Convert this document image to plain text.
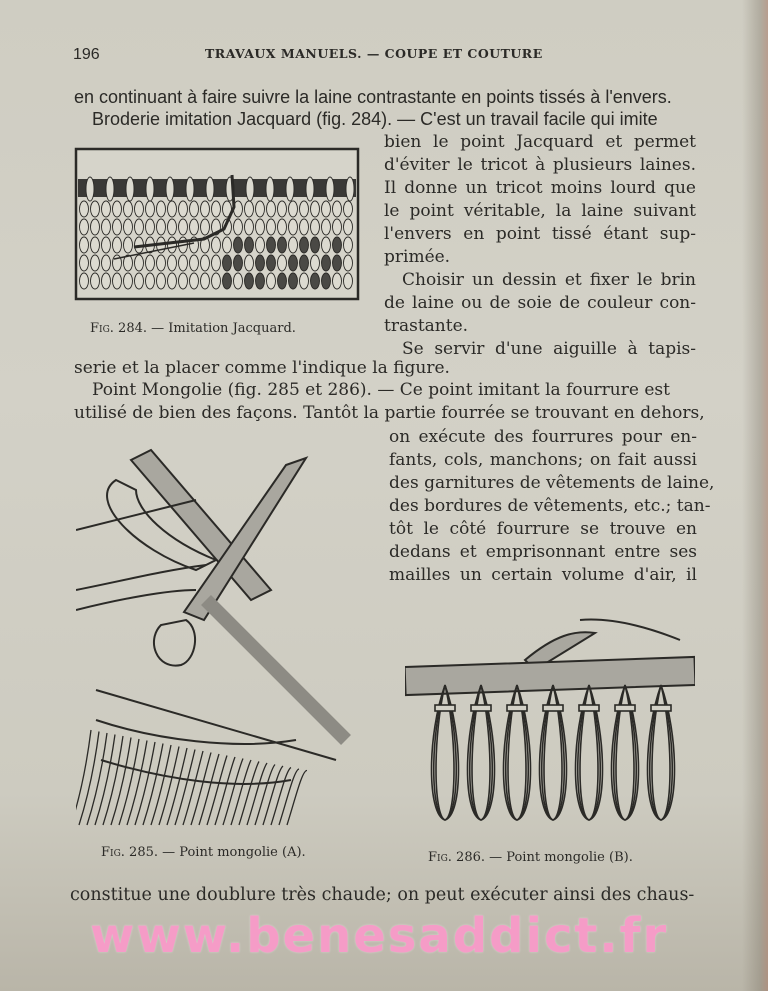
196	TRAVAUX MANUELS. — COUPE ET COUTURE
en continuant à faire suivre la laine contrastante en points tissés à l'envers.
Broderie imitation Jacquard (fig. 284). — C'est un travail facile qui imite
bien le point Jacquard et permet
d'éviter le tricot à plusieurs laines.
Il donne un tricot moins lourd que
le point véritable, la laine suivant
l'envers en point tissé étant sup-
primée.
Choisir un dessin et fixer le brin
de laine ou de soie de couleur con-
trastante.
Se servir d'une aiguille à tapis-
Fig. 284. — Imitation Jacquard.
serie et la placer comme l'indique la figure.
Point Mongolie (fig. 285 et 286). — Ce point imitant la fourrure est
utilisé de bien des façons. Tantôt la partie fourrée se trouvant en dehors,
on exécute des fourrures pour en-
fants, cols, manchons; on fait aussi
des garnitures de vêtements de laine,
des bordures de vêtements, etc.; tan-
tôt le côté fourrure se trouve en
dedans et emprisonnant entre ses
mailles un certain volume d'air, il
Fig. 285. — Point mongolie (A).	Fig. 286. — Point mongolie (B).
constitue une doublure très chaude; on peut exécuter ainsi des chaus-
www.benesaddict.fr
